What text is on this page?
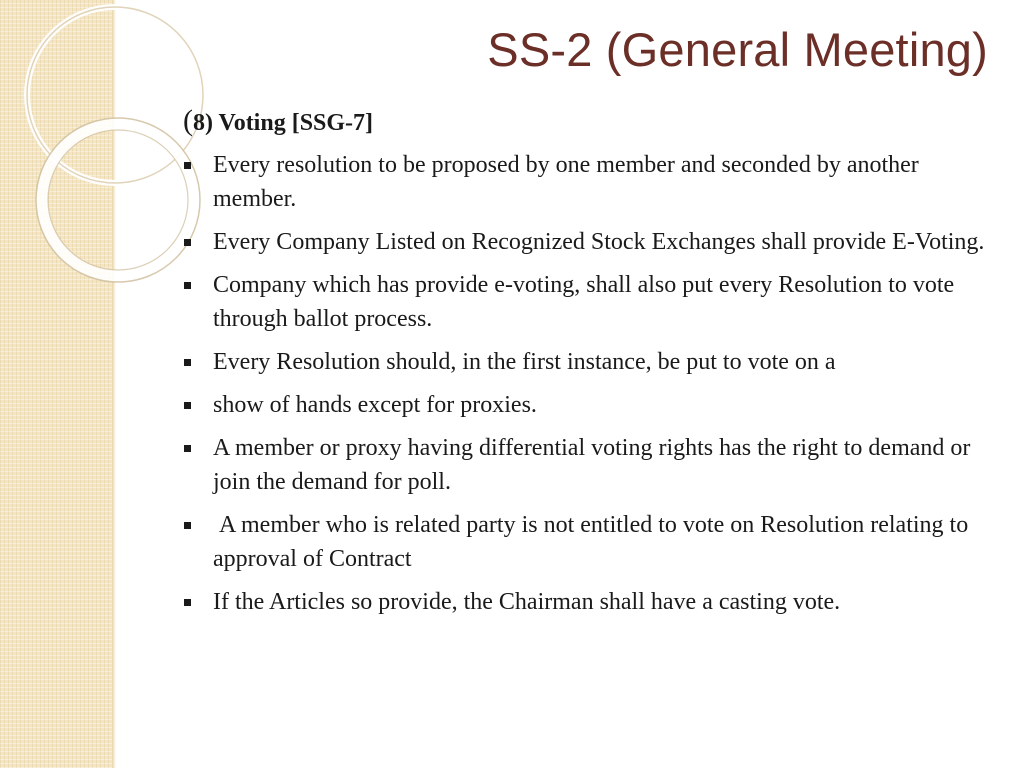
SS-2 (General Meeting)
(8) Voting [SSG-7]
Every resolution to be proposed by one member and seconded by another member.
Every Company Listed on Recognized Stock Exchanges shall provide E-Voting.
Company which has provide e-voting, shall also put every Resolution to vote through ballot process.
Every Resolution should, in the first instance, be put to vote on a
show of hands except for proxies.
A member or proxy having differential voting rights has the right to demand or join the demand for poll.
A member who is related party is not entitled to vote on Resolution relating to approval of Contract
If the Articles so provide, the Chairman shall have a casting vote.
